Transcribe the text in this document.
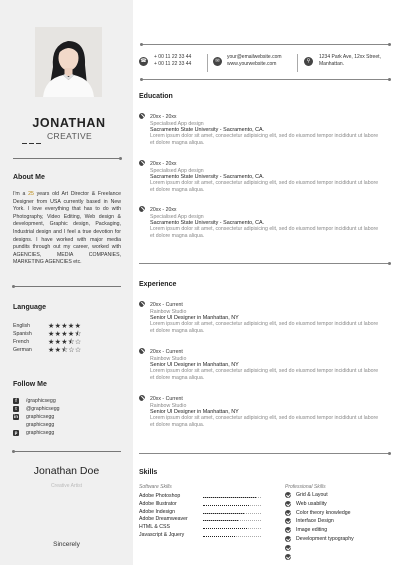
JONATHAN
CREATIVE
About Me
I'm a 25 years old Art Director & Freelance Designer from USA currently based in New York. I love everything that has to do with Photography, Video Editing, Web design & development, Graphic design, Packaging, Industrial design and I feel a true devotion for designs. I have worked with major media pundits through out my career, worked with AGENCIES, MEDIA COMPANIES, MARKETING AGENCIES etc.
Language
English ★★★★★
Spanish ★★★★⯪
French	★★★⯪☆
German ★★⯪☆☆
Follow Me
f	/graphicsegg
t	@graphicsegg
in graphicsegg
p	graphicsegg
graphicsegg
Jonathan Doe
Creative Artist
Sincerely
☎
+ 00 11 22 33 44
+ 00 11 22 33 44	✉
your@emailwebsite.com
www.yourwebsite.com	⚲
1234 Park Ave, 12xx Street,
Manhattan.
Education
20xx - 20xx
Specialised App design
Sacramento State University - Sacramento, CA.
Lorem ipsum dolor sit amet, consectetur adipisicing elit, sed do eiusmod tempor incididunt ut labore et dolore magna aliqua.
20xx - 20xx
Specialised App design
Sacramento State University - Sacramento, CA.
Lorem ipsum dolor sit amet, consectetur adipisicing elit, sed do eiusmod tempor incididunt ut labore et dolore magna aliqua.
20xx - 20xx
Specialised App design
Sacramento State University - Sacramento, CA.
Lorem ipsum dolor sit amet, consectetur adipisicing elit, sed do eiusmod tempor incididunt ut labore et dolore magna aliqua.
Experience
20xx - Current
Rainbow Studio
Senior UI Designer in Manhattan, NY
Lorem ipsum dolor sit amet, consectetur adipisicing elit, sed do eiusmod tempor incididunt ut labore et dolore magna aliqua.
20xx - Current
Rainbow Studio
Senior UI Designer in Manhattan, NY
Lorem ipsum dolor sit amet, consectetur adipisicing elit, sed do eiusmod tempor incididunt ut labore et dolore magna aliqua.
20xx - Current
Rainbow Studio
Senior UI Designer in Manhattan, NY
Lorem ipsum dolor sit amet, consectetur adipisicing elit, sed do eiusmod tempor incididunt ut labore et dolore magna aliqua.
Skills
Software Skills	Professional Skills
Adobe Photoshop
Adobe Illustrator
Adobe Indesign
Adobe Dreamweaver
HTML & CSS
Javascript & Jquery
Grid & Layout
Web usability
Color theory knowledge
Interface Design
Image editing
Development typography
